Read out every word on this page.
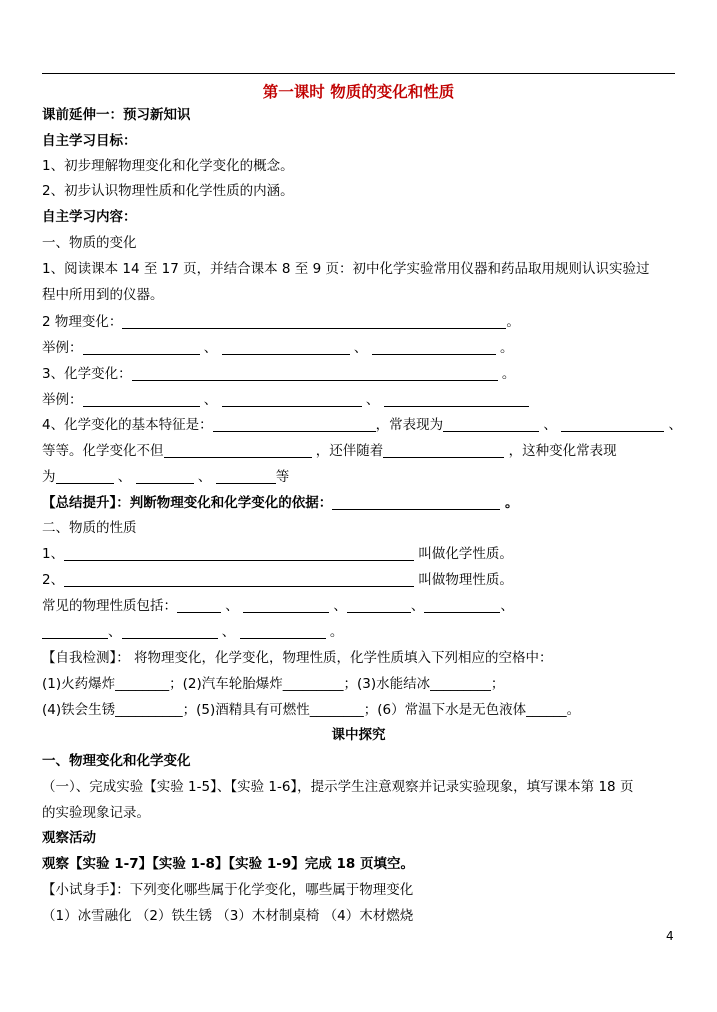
第一课时 物质的变化和性质
课前延伸一：预习新知识
自主学习目标：
1、初步理解物理变化和化学变化的概念。
2、初步认识物理性质和化学性质的内涵。
自主学习内容：
一、物质的变化
1、阅读课本 14 至 17 页，并结合课本 8 至 9 页：初中化学实验常用仪器和药品取用规则认识实验过
程中所用到的仪器。
2 物理变化：	。
举例：	、	、	。
3、化学变化：	。
举例：	、	、
4、化学变化的基本特征是：	，常表现为	、	、
等等。化学变化不但	，还伴随着	，这种变化常表现
为	、	、	等
【总结提升】：判断物理变化和化学变化的依据：	。
二、物质的性质
1、	叫做化学性质。
2、	叫做物理性质。
常见的物理性质包括：	、	、	、	、
、	、	。
【自我检测】： 将物理变化，化学变化，物理性质，化学性质填入下列相应的空格中：
(1)火药爆炸________；(2)汽车轮胎爆炸_________；(3)水能结冰_________；
(4)铁会生锈__________；(5)酒精具有可燃性________；(6）常温下水是无色液体______。
课中探究
一、物理变化和化学变化
（一）、完成实验【实验 1-5】、【实验 1-6】，提示学生注意观察并记录实验现象，填写课本第 18 页
的实验现象记录。
观察活动
观察【实验 1-7】【实验 1-8】【实验 1-9】完成 18 页填空。
【小试身手】：下列变化哪些属于化学变化，哪些属于物理变化
（1）冰雪融化 （2）铁生锈 （3）木材制桌椅 （4）木材燃烧
4
